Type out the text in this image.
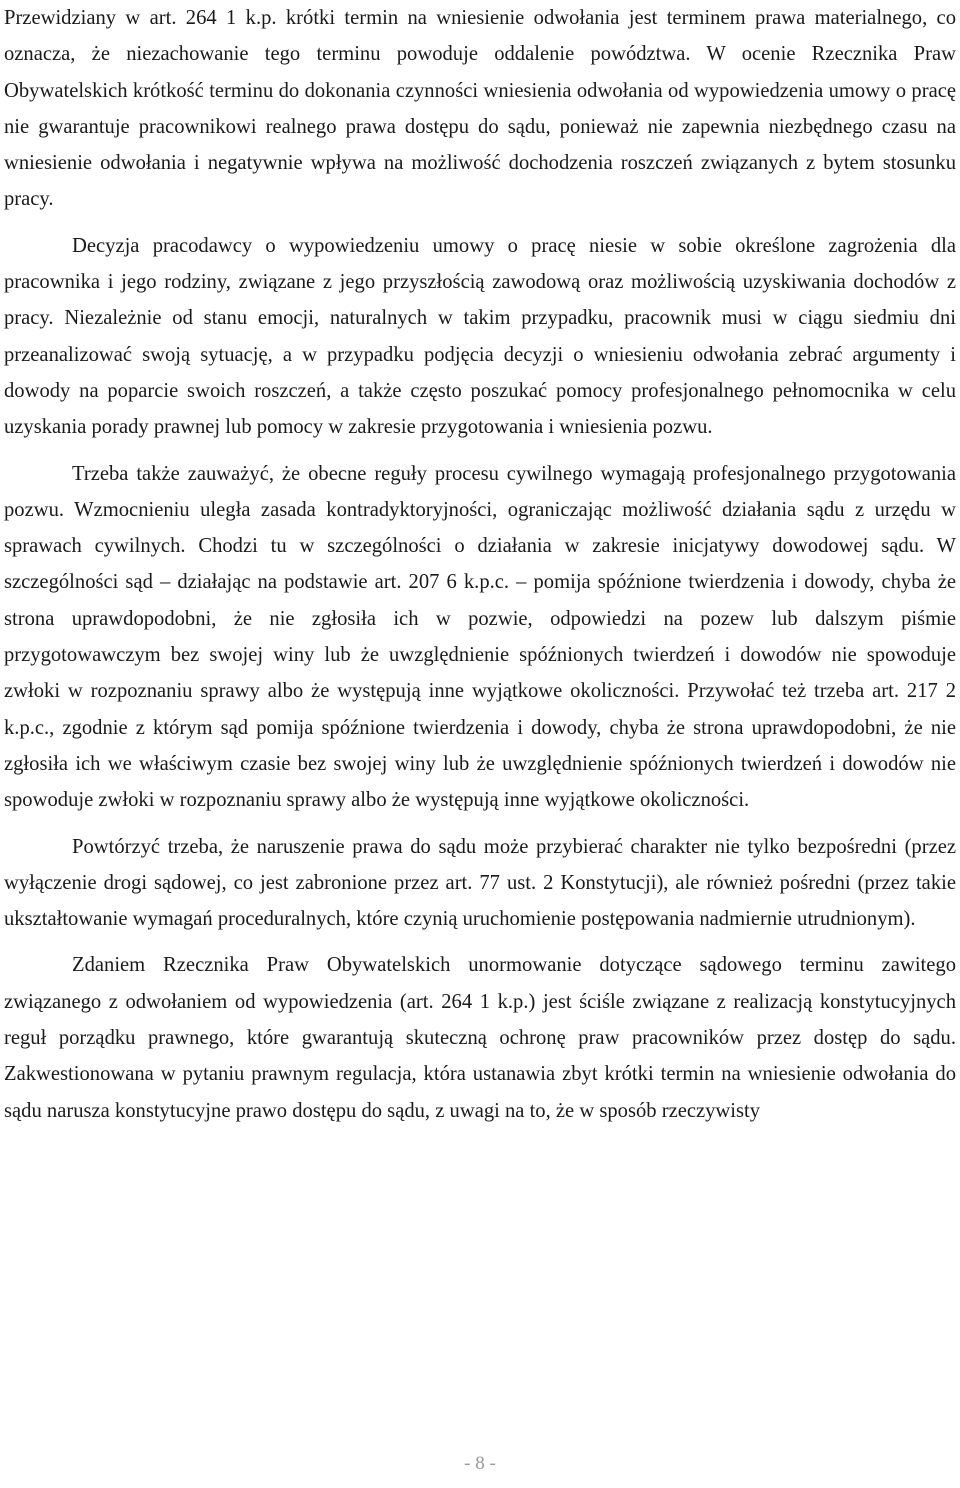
Przewidziany w art. 264 1 k.p. krótki termin na wniesienie odwołania jest terminem prawa materialnego, co oznacza, że niezachowanie tego terminu powoduje oddalenie powództwa. W ocenie Rzecznika Praw Obywatelskich krótkość terminu do dokonania czynności wniesienia odwołania od wypowiedzenia umowy o pracę nie gwarantuje pracownikowi realnego prawa dostępu do sądu, ponieważ nie zapewnia niezbędnego czasu na wniesienie odwołania i negatywnie wpływa na możliwość dochodzenia roszczeń związanych z bytem stosunku pracy.

Decyzja pracodawcy o wypowiedzeniu umowy o pracę niesie w sobie określone zagrożenia dla pracownika i jego rodziny, związane z jego przyszłością zawodową oraz możliwością uzyskiwania dochodów z pracy. Niezależnie od stanu emocji, naturalnych w takim przypadku, pracownik musi w ciągu siedmiu dni przeanalizować swoją sytuację, a w przypadku podjęcia decyzji o wniesieniu odwołania zebrać argumenty i dowody na poparcie swoich roszczeń, a także często poszukać pomocy profesjonalnego pełnomocnika w celu uzyskania porady prawnej lub pomocy w zakresie przygotowania i wniesienia pozwu.

Trzeba także zauważyć, że obecne reguły procesu cywilnego wymagają profesjonalnego przygotowania pozwu. Wzmocnieniu uległa zasada kontradyktoryjności, ograniczając możliwość działania sądu z urzędu w sprawach cywilnych. Chodzi tu w szczególności o działania w zakresie inicjatywy dowodowej sądu. W szczególności sąd – działając na podstawie art. 207 6 k.p.c. – pomija spóźnione twierdzenia i dowody, chyba że strona uprawdopodobni, że nie zgłosiła ich w pozwie, odpowiedzi na pozew lub dalszym piśmie przygotowawczym bez swojej winy lub że uwzględnienie spóźnionych twierdzeń i dowodów nie spowoduje zwłoki w rozpoznaniu sprawy albo że występują inne wyjątkowe okoliczności. Przywołać też trzeba art. 217 2 k.p.c., zgodnie z którym sąd pomija spóźnione twierdzenia i dowody, chyba że strona uprawdopodobni, że nie zgłosiła ich we właściwym czasie bez swojej winy lub że uwzględnienie spóźnionych twierdzeń i dowodów nie spowoduje zwłoki w rozpoznaniu sprawy albo że występują inne wyjątkowe okoliczności.

Powtórzyć trzeba, że naruszenie prawa do sądu może przybierać charakter nie tylko bezpośredni (przez wyłączenie drogi sądowej, co jest zabronione przez art. 77 ust. 2 Konstytucji), ale również pośredni (przez takie ukształtowanie wymagań proceduralnych, które czynią uruchomienie postępowania nadmiernie utrudnionym).

Zdaniem Rzecznika Praw Obywatelskich unormowanie dotyczące sądowego terminu zawitego związanego z odwołaniem od wypowiedzenia (art. 264 1 k.p.) jest ściśle związane z realizacją konstytucyjnych reguł porządku prawnego, które gwarantują skuteczną ochronę praw pracowników przez dostęp do sądu. Zakwestionowana w pytaniu prawnym regulacja, która ustanawia zbyt krótki termin na wniesienie odwołania do sądu narusza konstytucyjne prawo dostępu do sądu, z uwagi na to, że w sposób rzeczywisty

- 8 -
